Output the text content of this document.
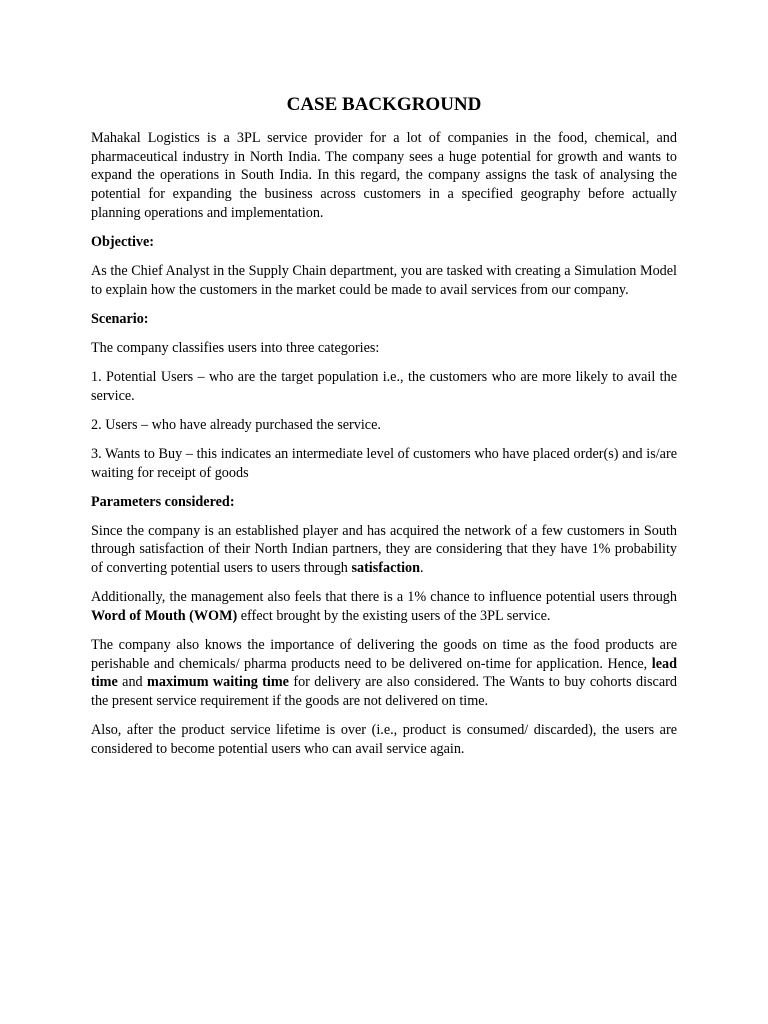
CASE BACKGROUND

Mahakal Logistics is a 3PL service provider for a lot of companies in the food, chemical, and pharmaceutical industry in North India. The company sees a huge potential for growth and wants to expand the operations in South India. In this regard, the company assigns the task of analysing the potential for expanding the business across customers in a specified geography before actually planning operations and implementation.

Objective:

As the Chief Analyst in the Supply Chain department, you are tasked with creating a Simulation Model to explain how the customers in the market could be made to avail services from our company.

Scenario:

The company classifies users into three categories:

1. Potential Users – who are the target population i.e., the customers who are more likely to avail the service.

2. Users – who have already purchased the service.

3. Wants to Buy – this indicates an intermediate level of customers who have placed order(s) and is/are waiting for receipt of goods

Parameters considered:

Since the company is an established player and has acquired the network of a few customers in South through satisfaction of their North Indian partners, they are considering that they have 1% probability of converting potential users to users through satisfaction.

Additionally, the management also feels that there is a 1% chance to influence potential users through Word of Mouth (WOM) effect brought by the existing users of the 3PL service.

The company also knows the importance of delivering the goods on time as the food products are perishable and chemicals/ pharma products need to be delivered on-time for application. Hence, lead time and maximum waiting time for delivery are also considered. The Wants to buy cohorts discard the present service requirement if the goods are not delivered on time.

Also, after the product service lifetime is over (i.e., product is consumed/ discarded), the users are considered to become potential users who can avail service again.
